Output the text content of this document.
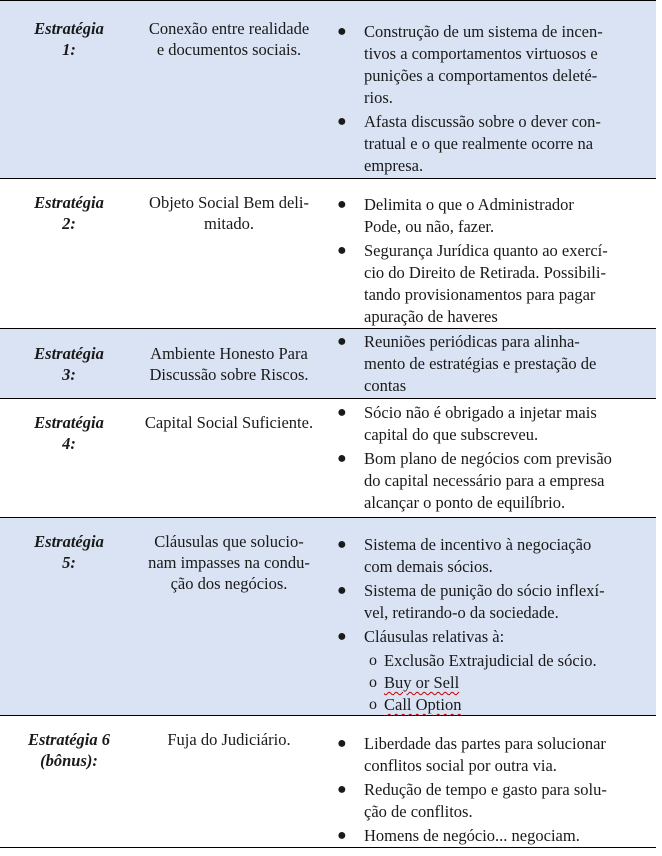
Estratégia
1:
Conexão entre realidade
e documentos sociais.
● Construção de um sistema de incen-
tivos a comportamentos virtuosos e
punições a comportamentos deleté-
rios.
● Afasta discussão sobre o dever con-
tratual e o que realmente ocorre na
empresa.
Estratégia
2:
Objeto Social Bem deli-
mitado.
● Delimita o que o Administrador
Pode, ou não, fazer.
● Segurança Jurídica quanto ao exercí-
cio do Direito de Retirada. Possibili-
tando provisionamentos para pagar
apuração de haveres
Estratégia
3:
Ambiente Honesto Para
Discussão sobre Riscos.
● Reuniões periódicas para alinha-
mento de estratégias e prestação de
contas
Estratégia
4:
Capital Social Suficiente.
● Sócio não é obrigado a injetar mais
capital do que subscreveu.
● Bom plano de negócios com previsão
do capital necessário para a empresa
alcançar o ponto de equilíbrio.
Estratégia
5:
Cláusulas que solucio-
nam impasses na condu-
ção dos negócios.
● Sistema de incentivo à negociação
com demais sócios.
● Sistema de punição do sócio inflexí-
vel, retirando-o da sociedade.
● Cláusulas relativas à:
o Exclusão Extrajudicial de sócio.
o Buy or Sell
o Call Option
Estratégia 6
(bônus):
Fuja do Judiciário.	● Liberdade das partes para solucionar
conflitos social por outra via.
● Redução de tempo e gasto para solu-
ção de conflitos.
● Homens de negócio... negociam.
